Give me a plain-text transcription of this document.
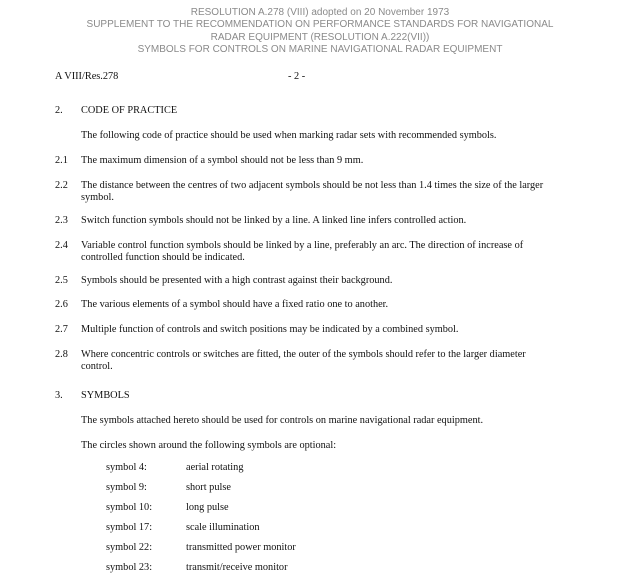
RESOLUTION A.278 (VIII) adopted on 20 November 1973
SUPPLEMENT TO THE RECOMMENDATION ON PERFORMANCE STANDARDS FOR NAVIGATIONAL
RADAR EQUIPMENT (RESOLUTION A.222(VII))
SYMBOLS FOR CONTROLS ON MARINE NAVIGATIONAL RADAR EQUIPMENT
A VIII/Res.278	- 2 -
2. CODE OF PRACTICE
The following code of practice should be used when marking radar sets with recommended symbols.
2.1 The maximum dimension of a symbol should not be less than 9 mm.
2.2 The distance between the centres of two adjacent symbols should be not less than 1.4 times the size of the larger symbol.
2.3 Switch function symbols should not be linked by a line. A linked line infers controlled action.
2.4 Variable control function symbols should be linked by a line, preferably an arc. The direction of increase of controlled function should be indicated.
2.5 Symbols should be presented with a high contrast against their background.
2.6 The various elements of a symbol should have a fixed ratio one to another.
2.7 Multiple function of controls and switch positions may be indicated by a combined symbol.
2.8 Where concentric controls or switches are fitted, the outer of the symbols should refer to the larger diameter control.
3. SYMBOLS
The symbols attached hereto should be used for controls on marine navigational radar equipment.
The circles shown around the following symbols are optional:
symbol 4:	aerial rotating
symbol 9:	short pulse
symbol 10:	long pulse
symbol 17:	scale illumination
symbol 22:	transmitted power monitor
symbol 23:	transmit/receive monitor
